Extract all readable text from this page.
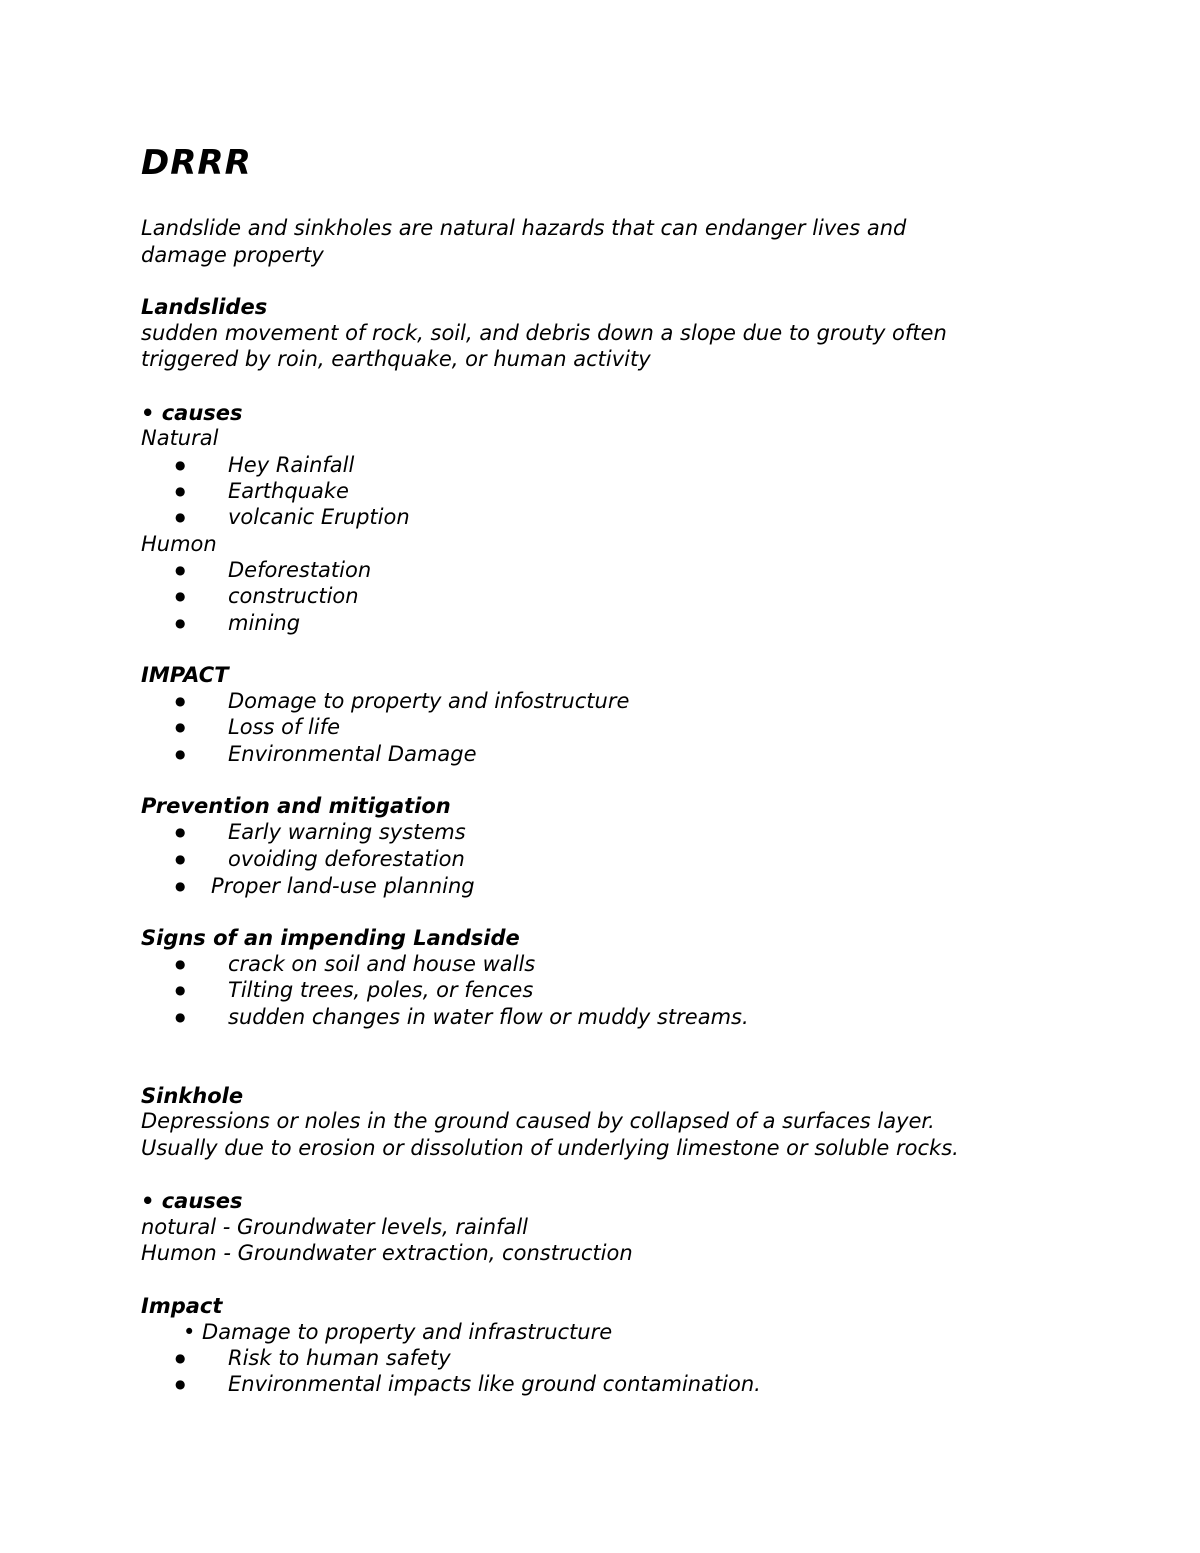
DRRR

Landslide and sinkholes are natural hazards that can endanger lives and

damage property

Landslides

sudden movement of rock, soil, and debris down a slope due to grouty often

triggered by roin, earthquake, or human activity

• causes

Natural

● Hey Rainfall

● Earthquake

● volcanic Eruption

Humon

● Deforestation

● construction

● mining

IMPACT

● Domage to property and infostructure

● Loss of life

● Environmental Damage

Prevention and mitigation

● Early warning systems

● ovoiding deforestation

● Proper land-use planning

Signs of an impending Landside

● crack on soil and house walls

● Tilting trees, poles, or fences

● sudden changes in water flow or muddy streams.

Sinkhole

Depressions or noles in the ground caused by collapsed of a surfaces layer.

Usually due to erosion or dissolution of underlying limestone or soluble rocks.

• causes

notural - Groundwater levels, rainfall

Humon - Groundwater extraction, construction

Impact

• Damage to property and infrastructure

● Risk to human safety

● Environmental impacts like ground contamination.
